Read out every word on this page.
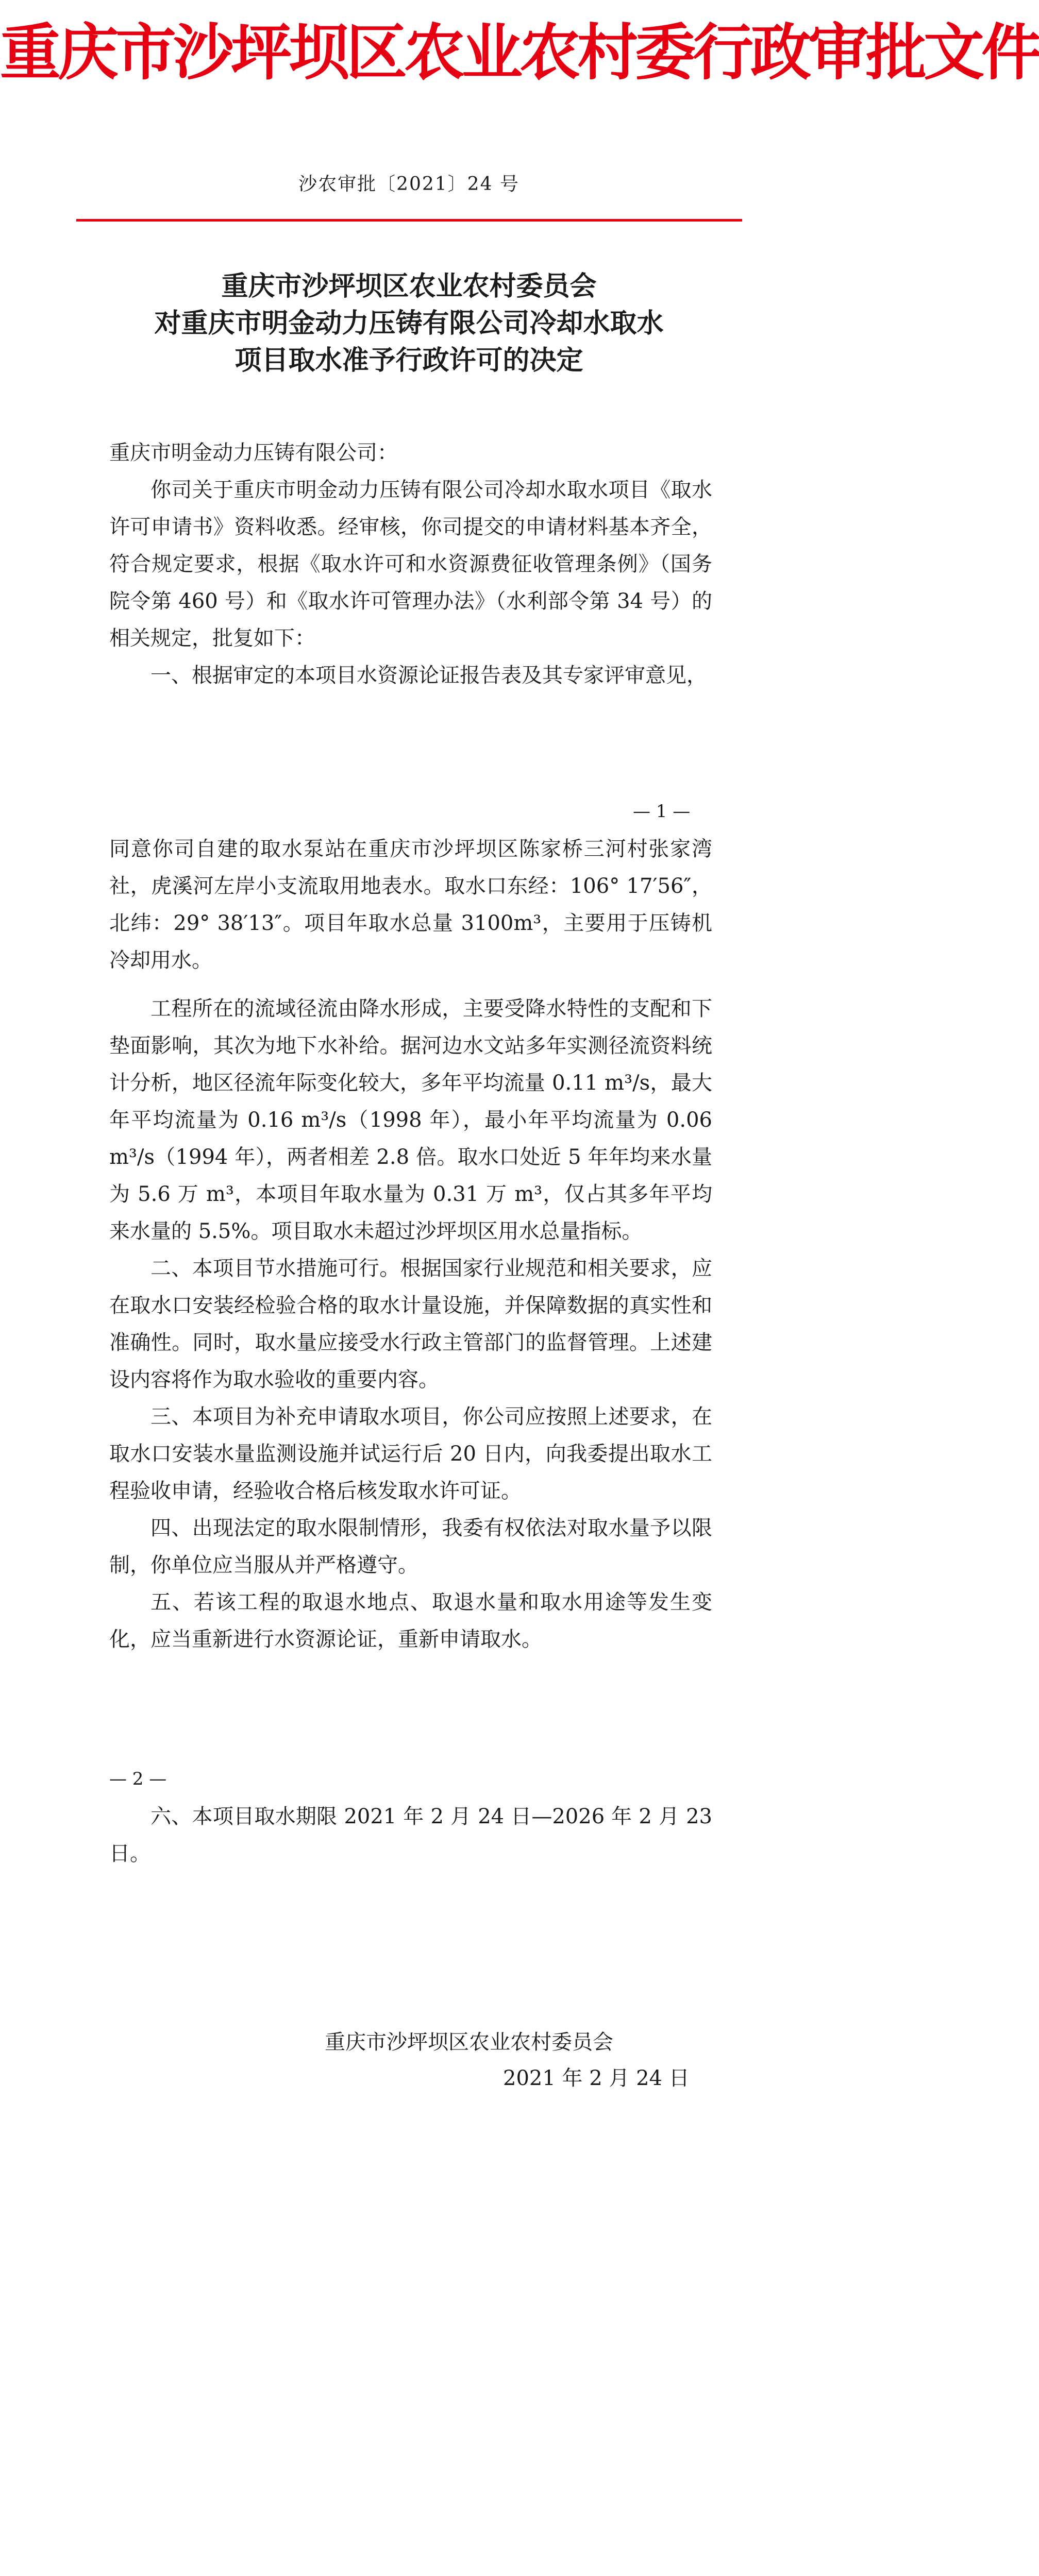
重庆市沙坪坝区农业农村委行政审批文件
沙农审批〔2021〕24 号
重庆市沙坪坝区农业农村委员会
对重庆市明金动力压铸有限公司冷却水取水
项目取水准予行政许可的决定

重庆市明金动力压铸有限公司：

你司关于重庆市明金动力压铸有限公司冷却水取水项目《取水许可申请书》资料收悉。经审核，你司提交的申请材料基本齐全，符合规定要求，根据《取水许可和水资源费征收管理条例》（国务院令第 460 号）和《取水许可管理办法》（水利部令第 34 号）的相关规定，批复如下：

一、根据审定的本项目水资源论证报告表及其专家评审意见，

— 1 —

同意你司自建的取水泵站在重庆市沙坪坝区陈家桥三河村张家湾社，虎溪河左岸小支流取用地表水。取水口东经：106° 17′56″，北纬：29° 38′13″。项目年取水总量 3100m³，主要用于压铸机冷却用水。

工程所在的流域径流由降水形成，主要受降水特性的支配和下垫面影响，其次为地下水补给。据河边水文站多年实测径流资料统计分析，地区径流年际变化较大，多年平均流量 0.11 m³/s，最大年平均流量为 0.16 m³/s（1998 年），最小年平均流量为 0.06 m³/s（1994 年），两者相差 2.8 倍。取水口处近 5 年年均来水量为 5.6 万 m³，本项目年取水量为 0.31 万 m³，仅占其多年平均来水量的 5.5%。项目取水未超过沙坪坝区用水总量指标。

二、本项目节水措施可行。根据国家行业规范和相关要求，应在取水口安装经检验合格的取水计量设施，并保障数据的真实性和准确性。同时，取水量应接受水行政主管部门的监督管理。上述建设内容将作为取水验收的重要内容。

三、本项目为补充申请取水项目，你公司应按照上述要求，在取水口安装水量监测设施并试运行后 20 日内，向我委提出取水工程验收申请，经验收合格后核发取水许可证。

四、出现法定的取水限制情形，我委有权依法对取水量予以限制，你单位应当服从并严格遵守。

五、若该工程的取退水地点、取退水量和取水用途等发生变化，应当重新进行水资源论证，重新申请取水。

— 2 —

六、本项目取水期限 2021 年 2 月 24 日—2026 年 2 月 23 日。

重庆市沙坪坝区农业农村委员会
2021 年 2 月 24 日
